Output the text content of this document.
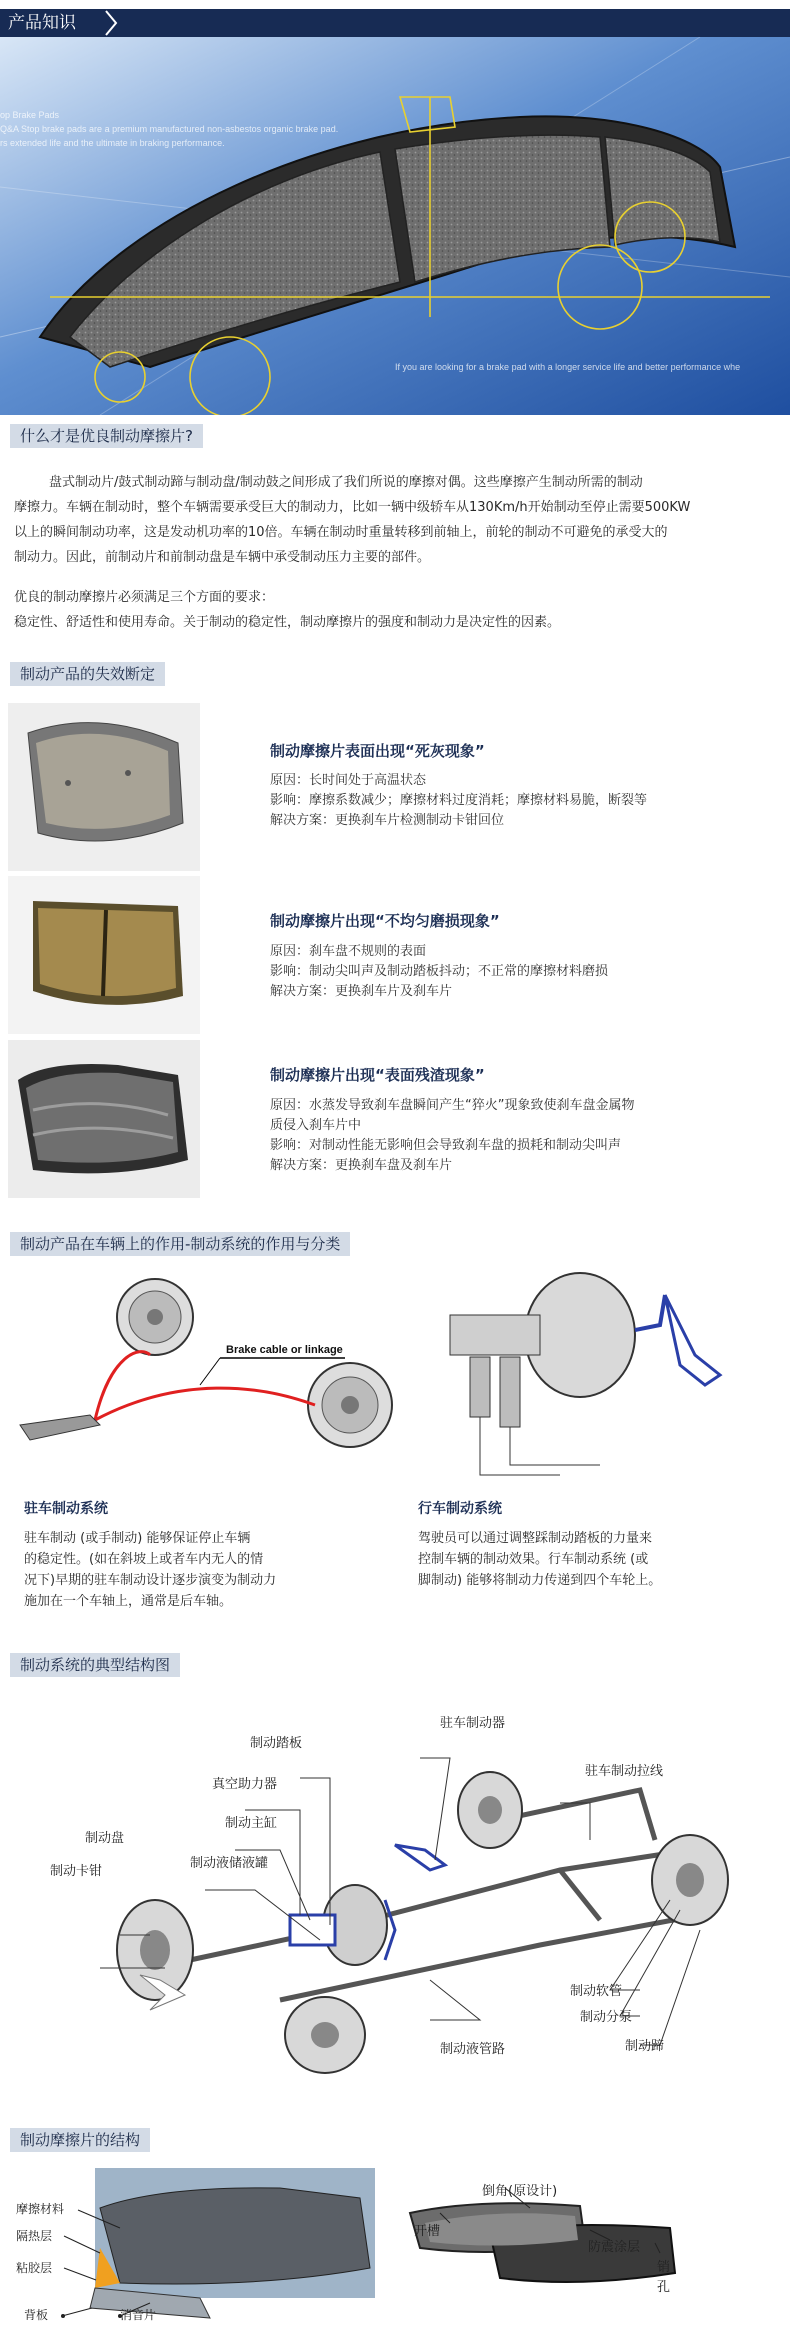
产品知识
op Brake Pads
Q&A Stop brake pads are a premium manufactured non-asbestos organic brake pad.
rs extended life and the ultimate in braking performance.
If you are looking for a brake pad with a longer service life and better performance whe
什么才是优良制动摩擦片?
盘式制动片/鼓式制动蹄与制动盘/制动鼓之间形成了我们所说的摩擦对偶。这些摩擦产生制动所需的制动
摩擦力。车辆在制动时，整个车辆需要承受巨大的制动力，比如一辆中级轿车从130Km/h开始制动至停止需要500KW
以上的瞬间制动功率，这是发动机功率的10倍。车辆在制动时重量转移到前轴上，前轮的制动不可避免的承受大的
制动力。因此，前制动片和前制动盘是车辆中承受制动压力主要的部件。
优良的制动摩擦片必须满足三个方面的要求：
稳定性、舒适性和使用寿命。关于制动的稳定性，制动摩擦片的强度和制动力是决定性的因素。
制动产品的失效断定
制动摩擦片表面出现“死灰现象”
原因：长时间处于高温状态
影响：摩擦系数减少；摩擦材料过度消耗；摩擦材料易脆，断裂等
解决方案：更换刹车片检测制动卡钳回位
制动摩擦片出现“不均匀磨损现象”
原因：刹车盘不规则的表面
影响：制动尖叫声及制动踏板抖动；不正常的摩擦材料磨损
解决方案：更换刹车片及刹车片
制动摩擦片出现“表面残渣现象”
原因：水蒸发导致刹车盘瞬间产生“猝火”现象致使刹车盘金属物
质侵入刹车片中
影响：对制动性能无影响但会导致刹车盘的损耗和制动尖叫声
解决方案：更换刹车盘及刹车片
制动产品在车辆上的作用-制动系统的作用与分类
Brake cable or linkage
驻车制动系统
驻车制动 (或手制动) 能够保证停止车辆
的稳定性。(如在斜坡上或者车内无人的情
况下)早期的驻车制动设计逐步演变为制动力
施加在一个车轴上，通常是后车轴。
行车制动系统
驾驶员可以通过调整踩制动踏板的力量来
控制车辆的制动效果。行车制动系统 (或
脚制动) 能够将制动力传递到四个车轮上。
制动系统的典型结构图
制动踏板
驻车制动器
驻车制动拉线
真空助力器
制动主缸
制动液储液罐
制动盘
制动卡钳
制动软管
制动分泵
制动蹄
制动液管路
制动摩擦片的结构
摩擦材料
隔热层
粘胶层
背板	消音片
倒角(原设计)
开槽
防震涂层
销
孔
